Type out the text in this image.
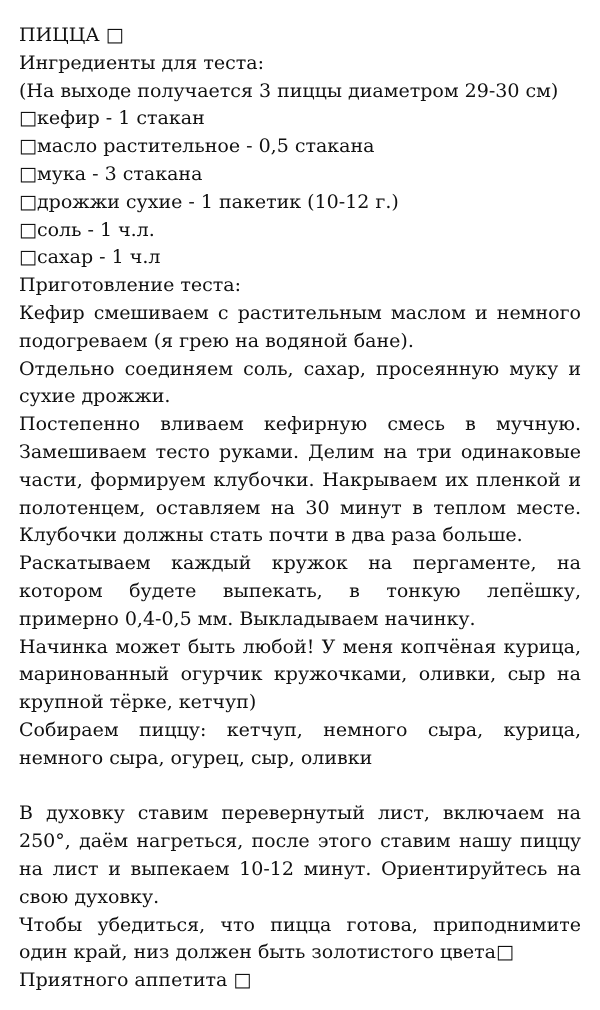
ПИЦЦА □

Ингредиенты для теста:

(На выходе получается 3 пиццы диаметром 29-30 см)

□кефир - 1 стакан

□масло растительное - 0,5 стакана

□мука - 3 стакана

□дрожжи сухие - 1 пакетик (10-12 г.)

□соль - 1 ч.л.

□сахар - 1 ч.л

Приготовление теста:

Кефир смешиваем с растительным маслом и немного подогреваем (я грею на водяной бане).

Отдельно соединяем соль, сахар, просеянную муку и сухие дрожжи.

Постепенно вливаем кефирную смесь в мучную. Замешиваем тесто руками. Делим на три одинаковые части, формируем клубочки. Накрываем их пленкой и полотенцем, оставляем на 30 минут в теплом месте. Клубочки должны стать почти в два раза больше.

Раскатываем каждый кружок на пергаменте, на котором будете выпекать, в тонкую лепёшку, примерно 0,4-0,5 мм. Выкладываем начинку.

Начинка может быть любой! У меня копчёная курица, маринованный огурчик кружочками, оливки, сыр на крупной тёрке, кетчуп)

Собираем пиццу: кетчуп, немного сыра, курица, немного сыра, огурец, сыр, оливки

В духовку ставим перевернутый лист, включаем на 250°, даём нагреться, после этого ставим нашу пиццу на лист и выпекаем 10-12 минут. Ориентируйтесь на свою духовку.

Чтобы убедиться, что пицца готова, приподнимите один край, низ должен быть золотистого цвета□

Приятного аппетита □
